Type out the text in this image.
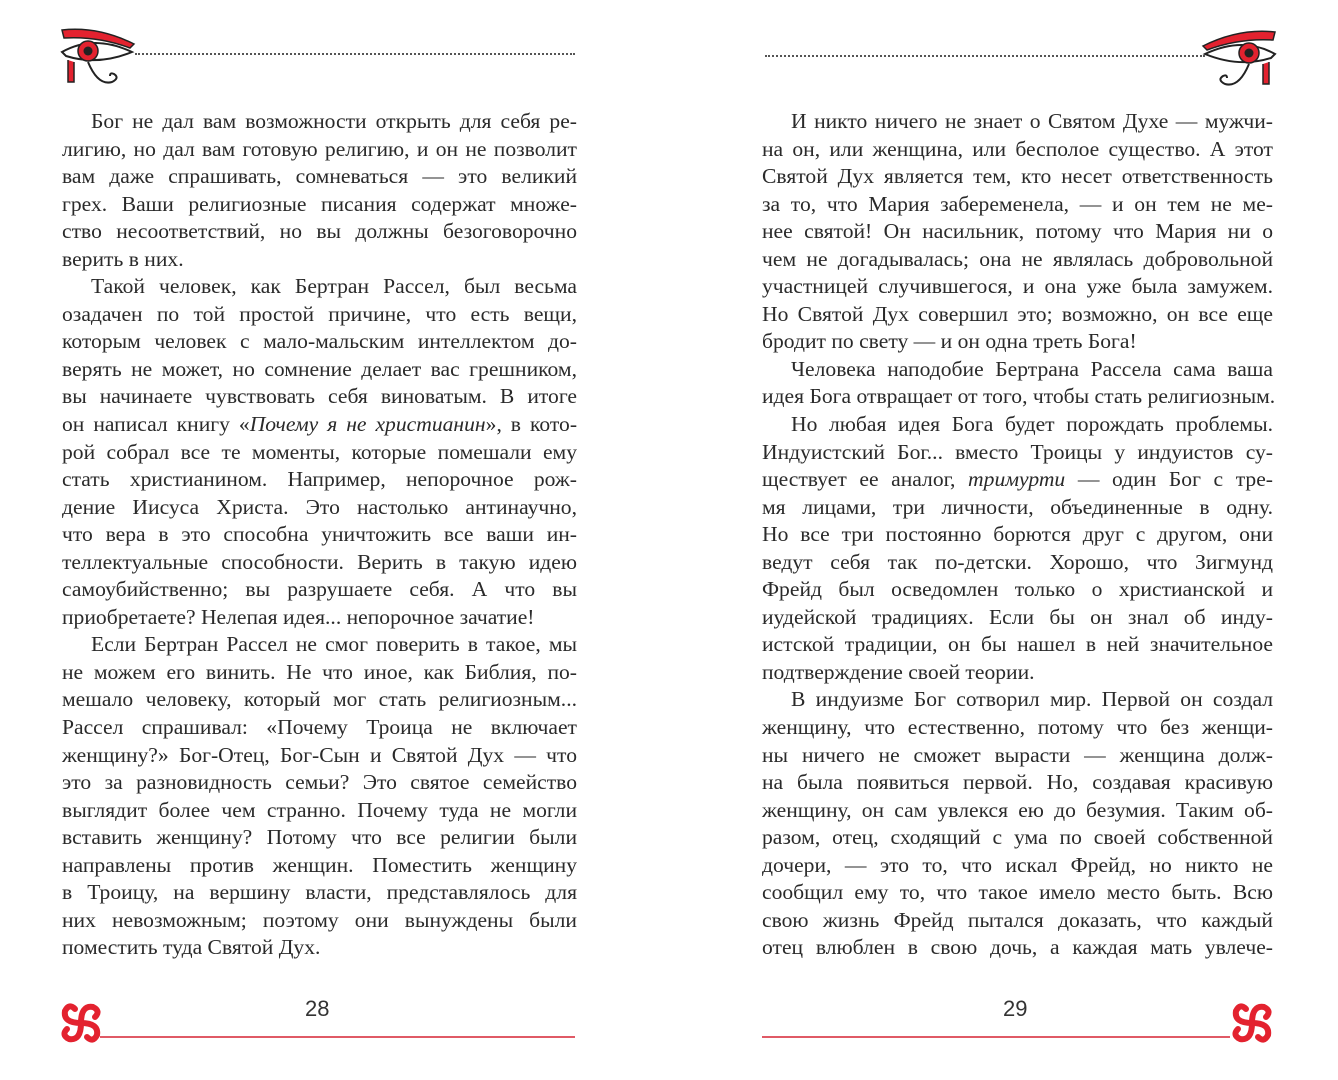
Бог не дал вам возможности открыть для себя ре-
лигию, но дал вам готовую религию, и он не позволит
вам даже спрашивать, сомневаться — это великий
грех. Ваши религиозные писания содержат множе-
ство несоответствий, но вы должны безоговорочно
верить в них.
Такой человек, как Бертран Рассел, был весьма
озадачен по той простой причине, что есть вещи,
которым человек с мало-мальским интеллектом до-
верять не может, но сомнение делает вас грешником,
вы начинаете чувствовать себя виноватым. В итоге
он написал книгу «Почему я не христианин», в кото-
рой собрал все те моменты, которые помешали ему
стать христианином. Например, непорочное рож-
дение Иисуса Христа. Это настолько антинаучно,
что вера в это способна уничтожить все ваши ин-
теллектуальные способности. Верить в такую идею
самоубийственно; вы разрушаете себя. А что вы
приобретаете? Нелепая идея... непорочное зачатие!
Если Бертран Рассел не смог поверить в такое, мы
не можем его винить. Не что иное, как Библия, по-
мешало человеку, который мог стать религиозным...
Рассел спрашивал: «Почему Троица не включает
женщину?» Бог-Отец, Бог-Сын и Святой Дух — что
это за разновидность семьи? Это святое семейство
выглядит более чем странно. Почему туда не могли
вставить женщину? Потому что все религии были
направлены против женщин. Поместить женщину
в Троицу, на вершину власти, представлялось для
них невозможным; поэтому они вынуждены были
поместить туда Святой Дух.
28
И никто ничего не знает о Святом Духе — мужчи-
на он, или женщина, или бесполое существо. А этот
Святой Дух является тем, кто несет ответственность
за то, что Мария забеременела, — и он тем не ме-
нее святой! Он насильник, потому что Мария ни о
чем не догадывалась; она не являлась добровольной
участницей случившегося, и она уже была замужем.
Но Святой Дух совершил это; возможно, он все еще
бродит по свету — и он одна треть Бога!
Человека наподобие Бертрана Рассела сама ваша
идея Бога отвращает от того, чтобы стать религиозным.
Но любая идея Бога будет порождать проблемы.
Индуистский Бог... вместо Троицы у индуистов су-
ществует ее аналог, тримурти — один Бог с тре-
мя лицами, три личности, объединенные в одну.
Но все три постоянно борются друг с другом, они
ведут себя так по-детски. Хорошо, что Зигмунд
Фрейд был осведомлен только о христианской и
иудейской традициях. Если бы он знал об инду-
истской традиции, он бы нашел в ней значительное
подтверждение своей теории.
В индуизме Бог сотворил мир. Первой он создал
женщину, что естественно, потому что без женщи-
ны ничего не сможет вырасти — женщина долж-
на была появиться первой. Но, создавая красивую
женщину, он сам увлекся ею до безумия. Таким об-
разом, отец, сходящий с ума по своей собственной
дочери, — это то, что искал Фрейд, но никто не
сообщил ему то, что такое имело место быть. Всю
свою жизнь Фрейд пытался доказать, что каждый
отец влюблен в свою дочь, а каждая мать увлече-
29
